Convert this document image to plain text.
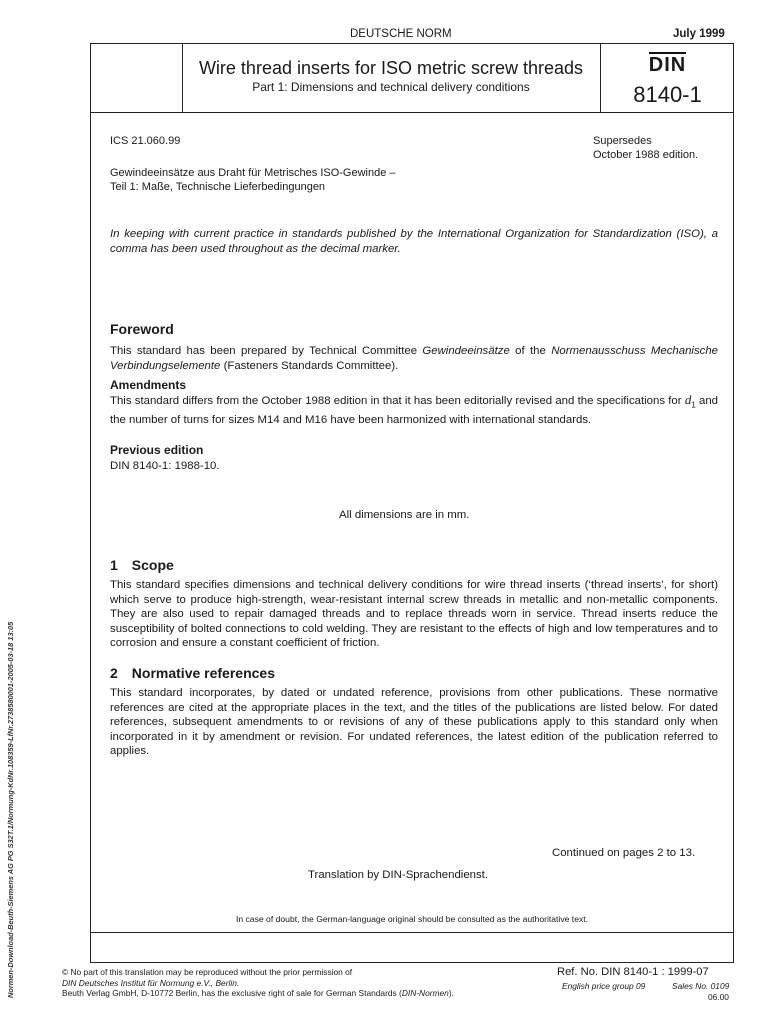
DEUTSCHE NORM	July 1999
Wire thread inserts for ISO metric screw threads
Part 1: Dimensions and technical delivery conditions
DIN
8140-1
ICS 21.060.99	Supersedes
October 1988 edition.
Gewindeeinsätze aus Draht für Metrisches ISO-Gewinde –
Teil 1: Maße, Technische Lieferbedingungen
In keeping with current practice in standards published by the International Organization for Standardization (ISO), a comma has been used throughout as the decimal marker.
Foreword
This standard has been prepared by Technical Committee Gewindeeinsätze of the Normenausschuss Mechanische Verbindungselemente (Fasteners Standards Committee).
Amendments
This standard differs from the October 1988 edition in that it has been editorially revised and the specifications for $d_1$ and the number of turns for sizes M14 and M16 have been harmonized with international standards.
Previous edition
DIN 8140-1: 1988-10.
All dimensions are in mm.
1 Scope
This standard specifies dimensions and technical delivery conditions for wire thread inserts (‘thread inserts’, for short) which serve to produce high-strength, wear-resistant internal screw threads in metallic and non-metallic components. They are also used to repair damaged threads and to replace threads worn in service. Thread inserts reduce the susceptibility of bolted connections to cold welding. They are resistant to the effects of high and low temperatures and to corrosion and ensure a constant coefficient of friction.
2 Normative references
This standard incorporates, by dated or undated reference, provisions from other publications. These normative references are cited at the appropriate places in the text, and the titles of the publications are listed below. For dated references, subsequent amendments to or revisions of any of these publications apply to this standard only when incorporated in it by amendment or revision. For undated references, the latest edition of the publication referred to applies.
Continued on pages 2 to 13.
Translation by DIN-Sprachendienst.
In case of doubt, the German-language original should be consulted as the authoritative text.
© No part of this translation may be reproduced without the prior permission of
DIN Deutsches Institut für Normung e.V., Berlin.
Beuth Verlag GmbH, D-10772 Berlin, has the exclusive right of sale for German Standards (DIN-Normen).
Ref. No. DIN 8140-1 : 1999-07
English price group 09	Sales No. 0109
06.00
Normen-Download-Beuth-Siemens AG PG S32T.1/Normung-KdNr.108359-LfNr.2738580001-2005-03-18 13:05
